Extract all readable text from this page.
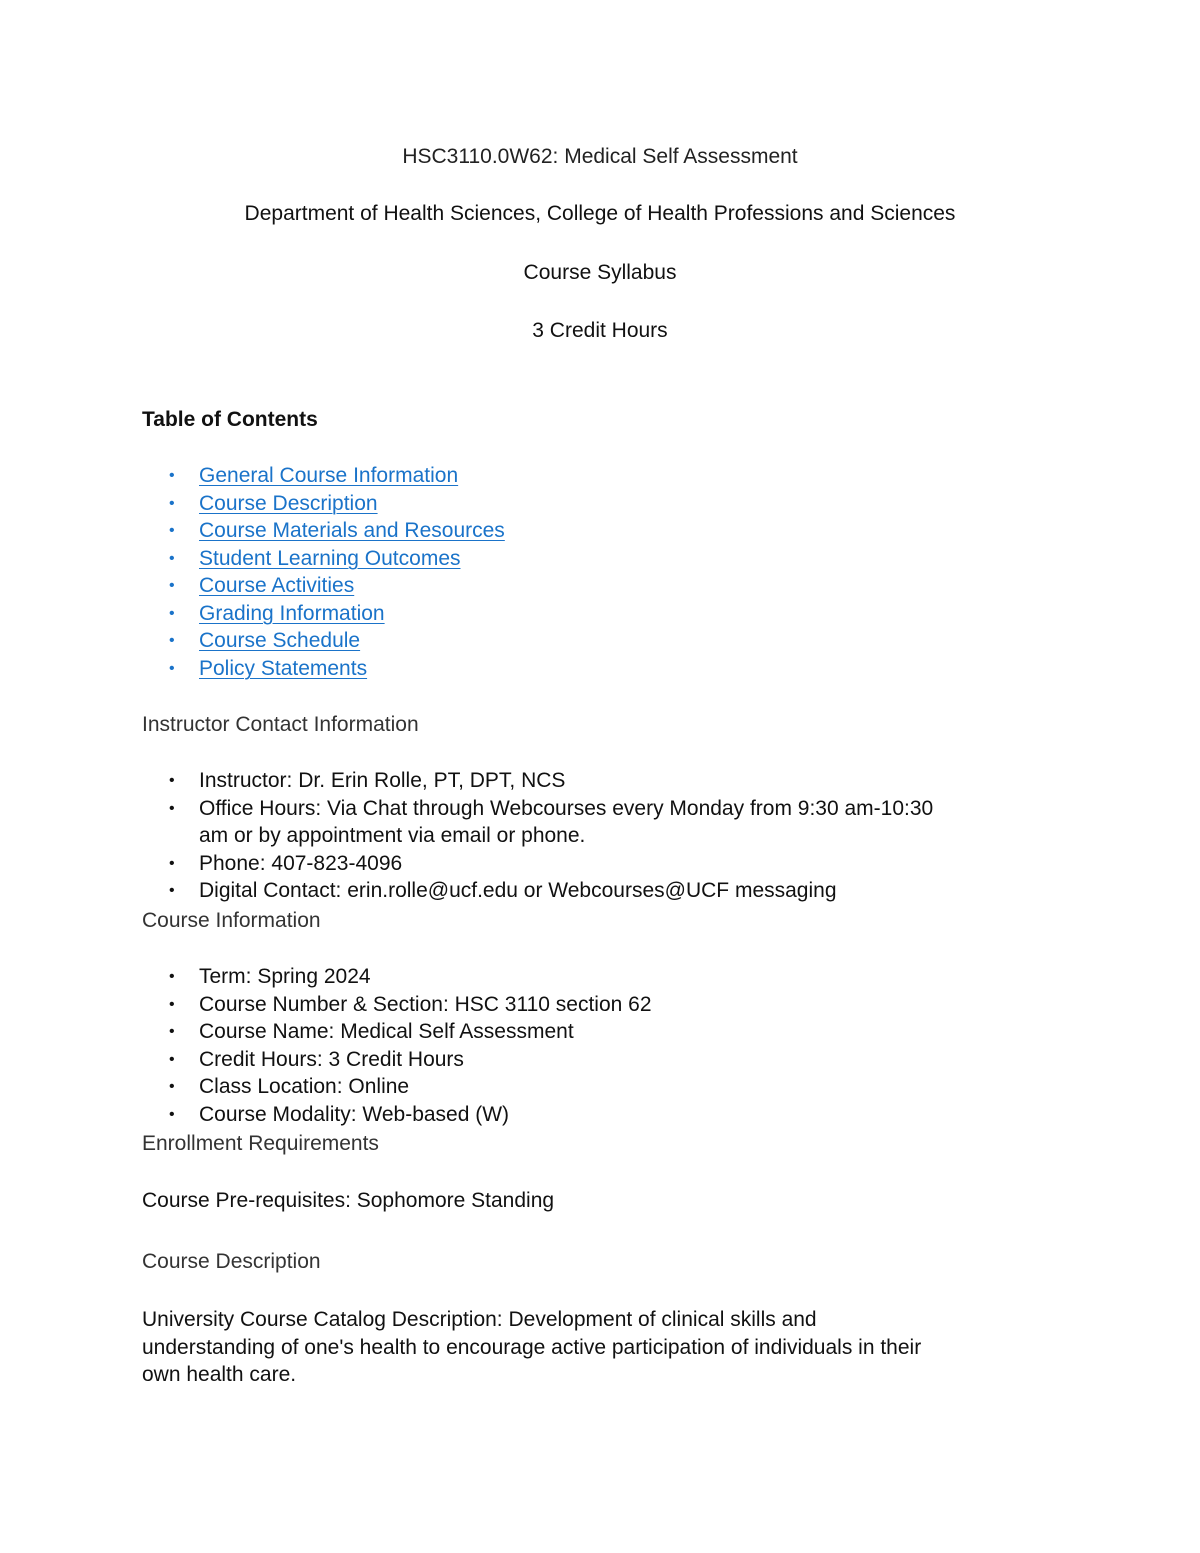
HSC3110.0W62: Medical Self Assessment
Department of Health Sciences, College of Health Professions and Sciences
Course Syllabus
3 Credit Hours
Table of Contents
• General Course Information
• Course Description
• Course Materials and Resources
• Student Learning Outcomes
• Course Activities
• Grading Information
• Course Schedule
• Policy Statements
Instructor Contact Information
• Instructor: Dr. Erin Rolle, PT, DPT, NCS
• Office Hours: Via Chat through Webcourses every Monday from 9:30 am-10:30
am or by appointment via email or phone.
• Phone: 407-823-4096
• Digital Contact: erin.rolle@ucf.edu or Webcourses@UCF messaging
Course Information
• Term: Spring 2024
• Course Number & Section: HSC 3110 section 62
• Course Name: Medical Self Assessment
• Credit Hours: 3 Credit Hours
• Class Location: Online
• Course Modality: Web-based (W)
Enrollment Requirements
Course Pre-requisites: Sophomore Standing
Course Description
University Course Catalog Description: Development of clinical skills and
understanding of one's health to encourage active participation of individuals in their
own health care.
